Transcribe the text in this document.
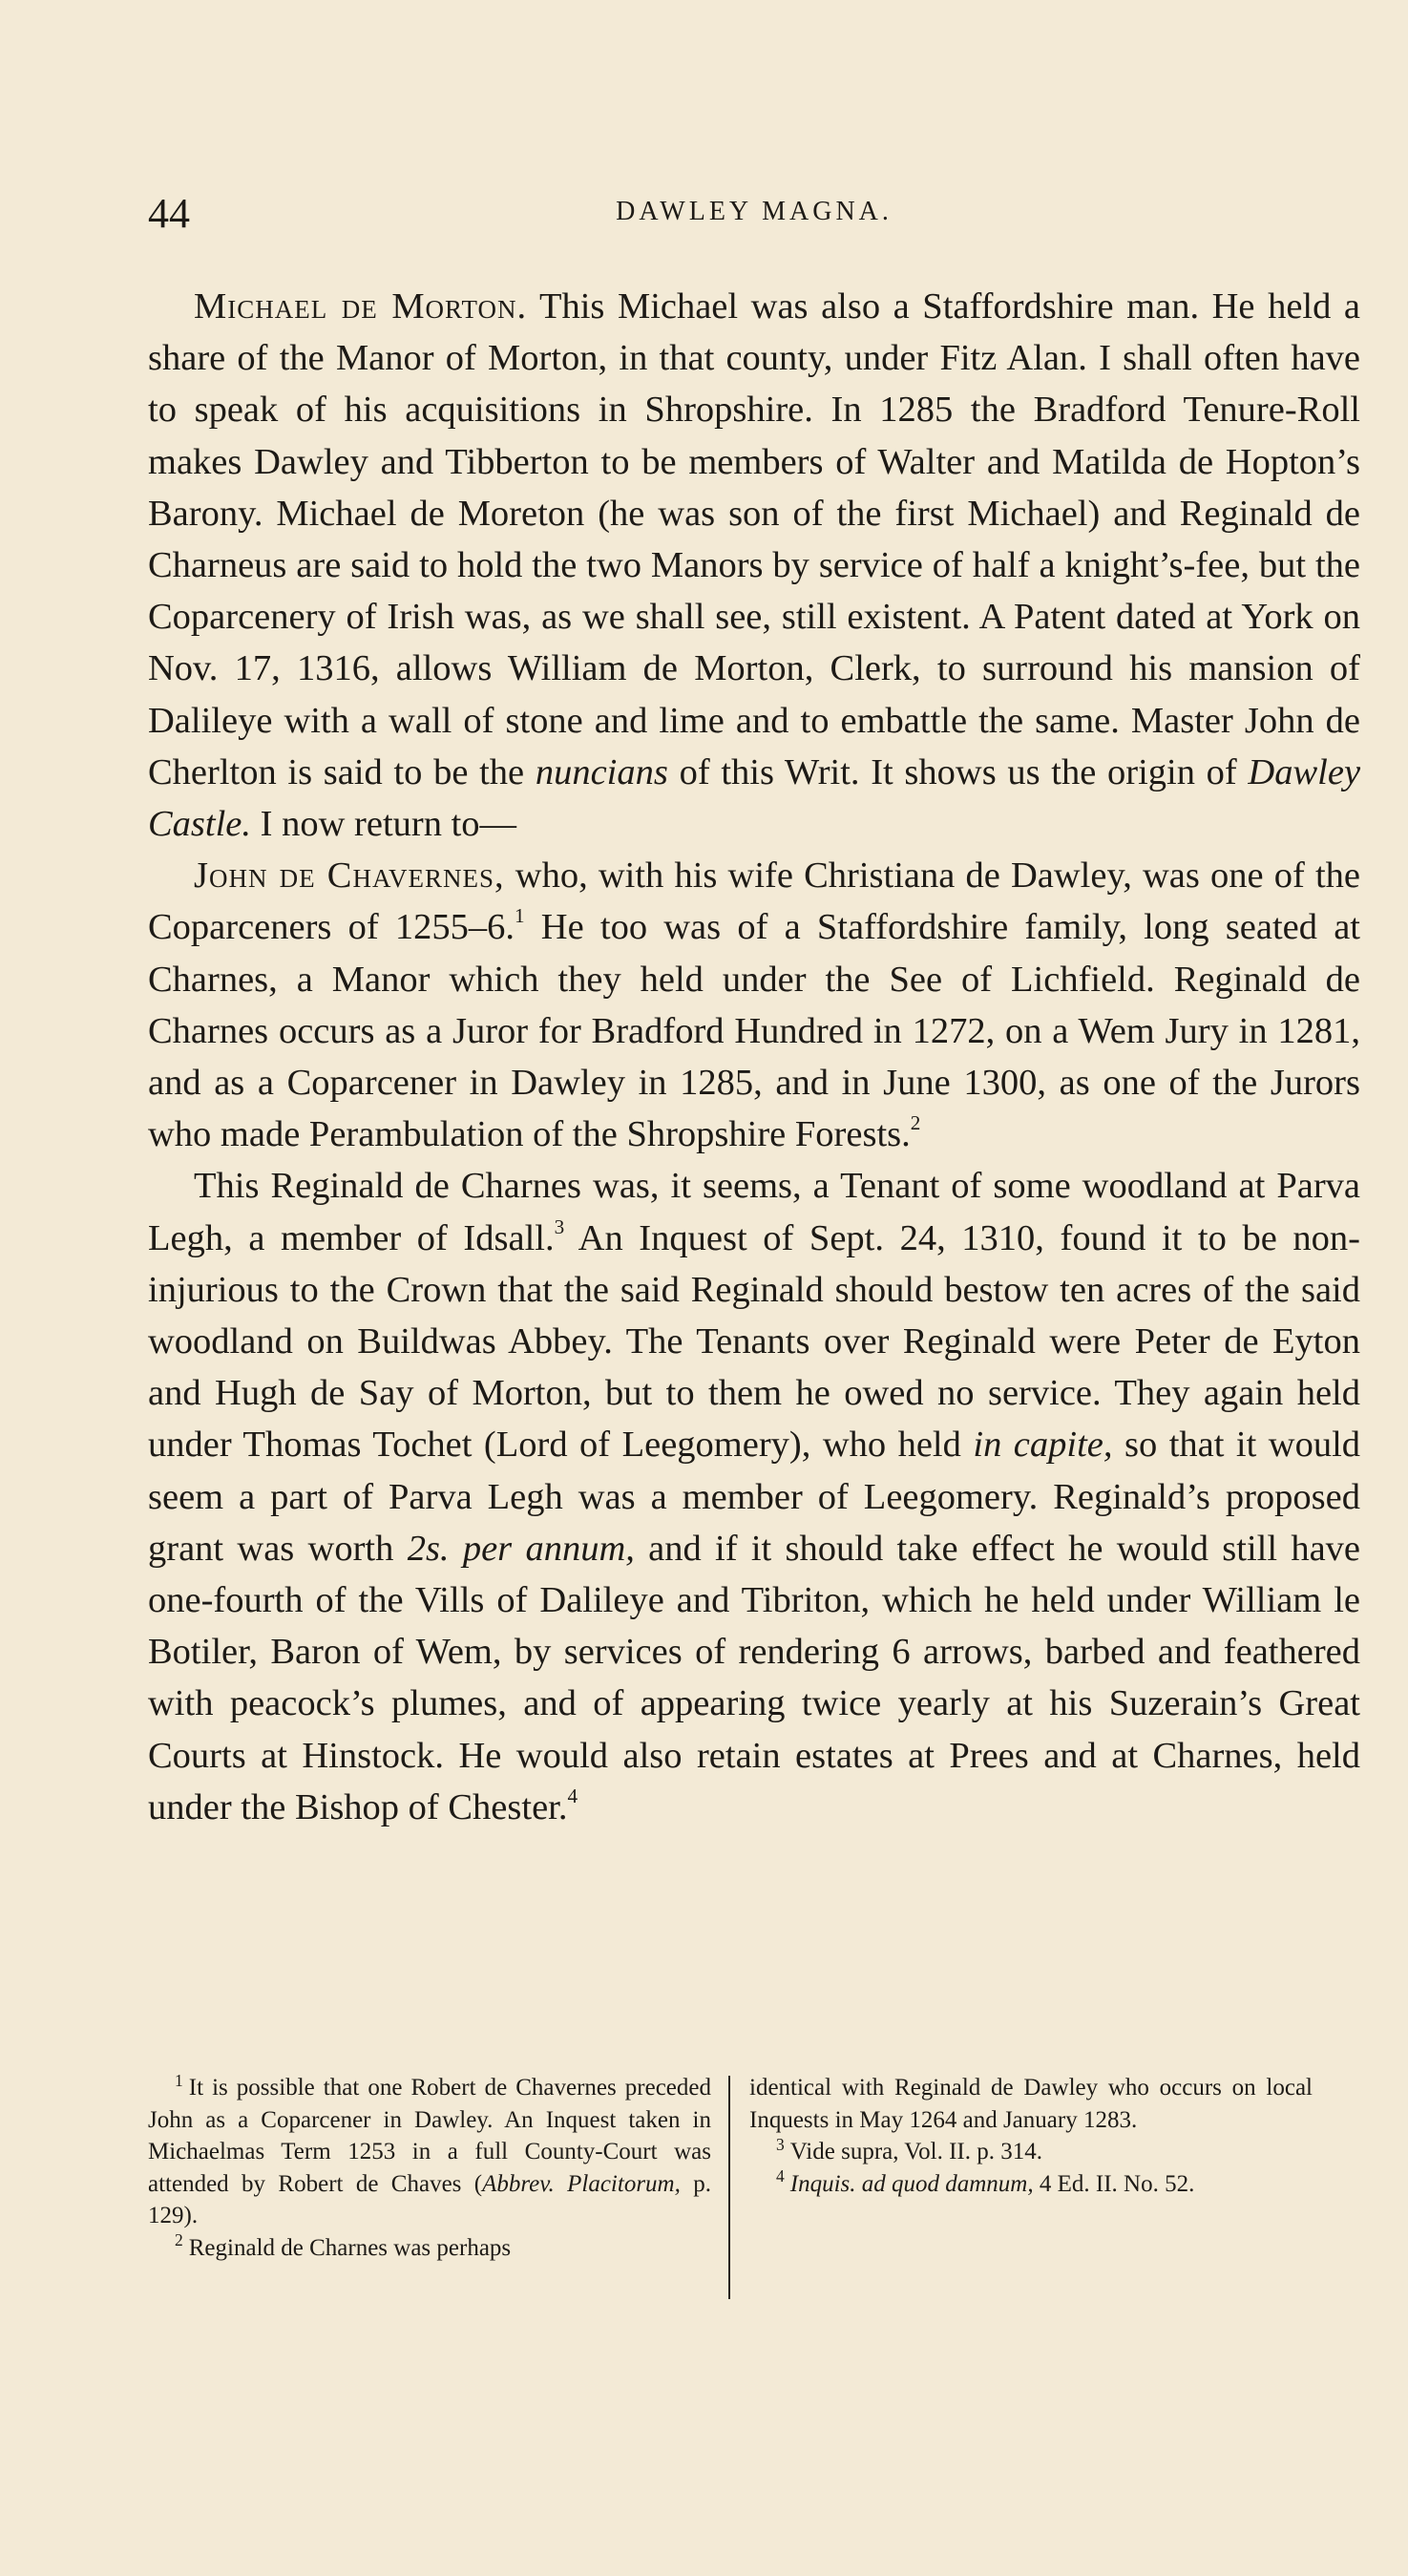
44	DAWLEY MAGNA.

Michael de Morton. This Michael was also a Staffordshire man. He held a share of the Manor of Morton, in that county, under Fitz Alan. I shall often have to speak of his acquisitions in Shropshire. In 1285 the Bradford Tenure-Roll makes Dawley and Tibberton to be members of Walter and Matilda de Hopton’s Barony. Michael de Moreton (he was son of the first Michael) and Reginald de Charneus are said to hold the two Manors by service of half a knight’s-fee, but the Coparcenery of Irish was, as we shall see, still existent. A Patent dated at York on Nov. 17, 1316, allows William de Morton, Clerk, to surround his mansion of Dalileye with a wall of stone and lime and to embattle the same. Master John de Cherlton is said to be the nuncians of this Writ. It shows us the origin of Dawley Castle. I now return to—

John de Chavernes, who, with his wife Christiana de Dawley, was one of the Coparceners of 1255–6.$^1$ He too was of a Staffordshire family, long seated at Charnes, a Manor which they held under the See of Lichfield. Reginald de Charnes occurs as a Juror for Bradford Hundred in 1272, on a Wem Jury in 1281, and as a Coparcener in Dawley in 1285, and in June 1300, as one of the Jurors who made Perambulation of the Shropshire Forests.$^2$

This Reginald de Charnes was, it seems, a Tenant of some woodland at Parva Legh, a member of Idsall.$^3$ An Inquest of Sept. 24, 1310, found it to be non-injurious to the Crown that the said Reginald should bestow ten acres of the said woodland on Buildwas Abbey. The Tenants over Reginald were Peter de Eyton and Hugh de Say of Morton, but to them he owed no service. They again held under Thomas Tochet (Lord of Leegomery), who held in capite, so that it would seem a part of Parva Legh was a member of Leegomery. Reginald’s proposed grant was worth 2s. per annum, and if it should take effect he would still have one-fourth of the Vills of Dalileye and Tibriton, which he held under William le Botiler, Baron of Wem, by services of rendering 6 arrows, barbed and feathered with peacock’s plumes, and of appearing twice yearly at his Suzerain’s Great Courts at Hinstock. He would also retain estates at Prees and at Charnes, held under the Bishop of Chester.$^4$

$^1$ It is possible that one Robert de Chavernes preceded John as a Coparcener in Dawley. An Inquest taken in Michaelmas Term 1253 in a full County-Court was attended by Robert de Chaves (Abbrev. Placitorum, p. 129).

$^2$ Reginald de Charnes was perhaps

identical with Reginald de Dawley who occurs on local Inquests in May 1264 and January 1283.

$^3$ Vide supra, Vol. II. p. 314.

$^4$ Inquis. ad quod damnum, 4 Ed. II. No. 52.
